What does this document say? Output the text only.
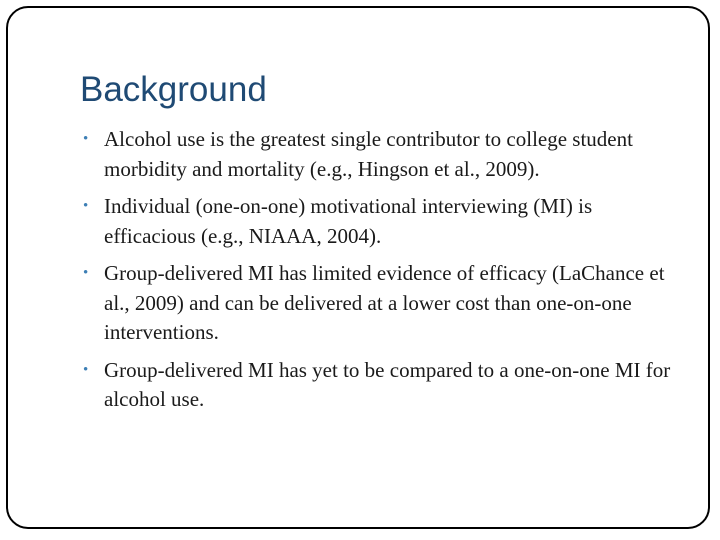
Background
• Alcohol use is the greatest single contributor to college student morbidity and mortality (e.g., Hingson et al., 2009).
• Individual (one-on-one) motivational interviewing (MI) is efficacious (e.g., NIAAA, 2004).
• Group-delivered MI has limited evidence of efficacy (LaChance et al., 2009) and can be delivered at a lower cost than one-on-one interventions.
• Group-delivered MI has yet to be compared to a one-on-one MI for alcohol use.
